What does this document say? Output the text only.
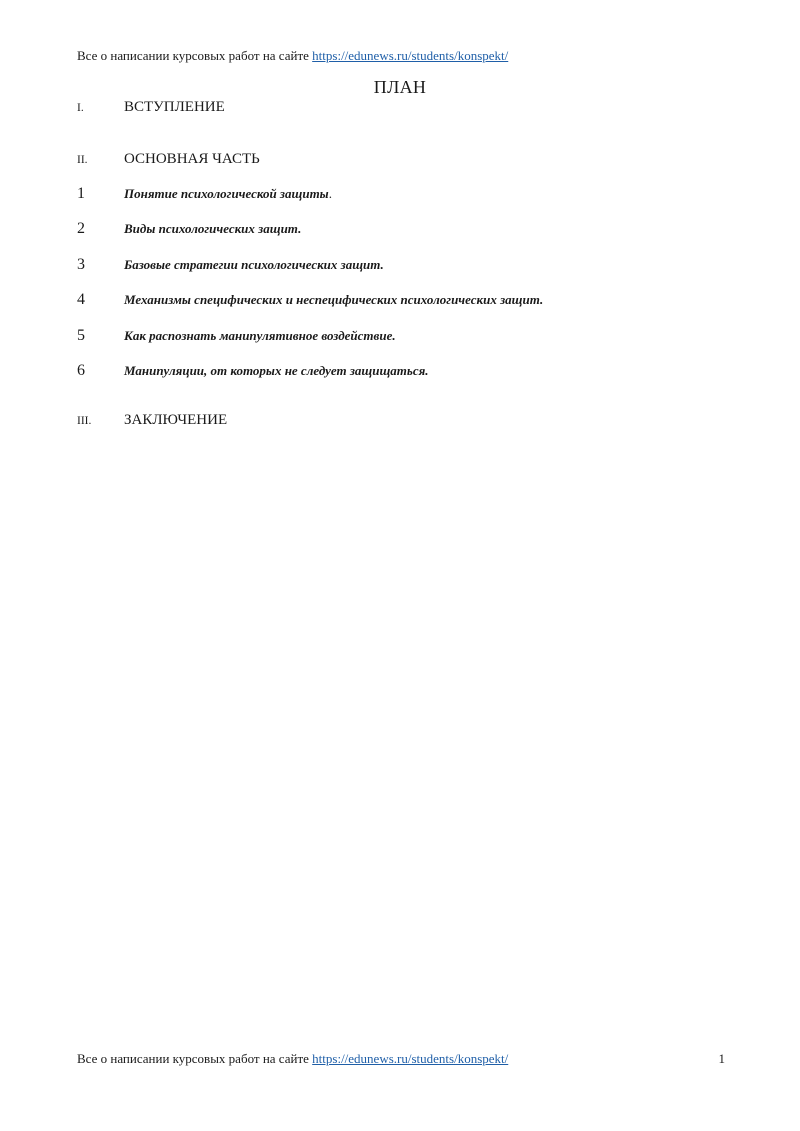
Все о написании курсовых работ на сайте https://edunews.ru/students/konspekt/
ПЛАН
I.	ВСТУПЛЕНИЕ
II. ОСНОВНАЯ ЧАСТЬ
1	Понятие психологической защиты.
2	Виды психологических защит.
3	Базовые стратегии психологических защит.
4	Механизмы специфических и неспецифических психологических защит.
5	Как распознать манипулятивное воздействие.
6	Манипуляции, от которых не следует защищаться.
III. ЗАКЛЮЧЕНИЕ
Все о написании курсовых работ на сайте https://edunews.ru/students/konspekt/	1
